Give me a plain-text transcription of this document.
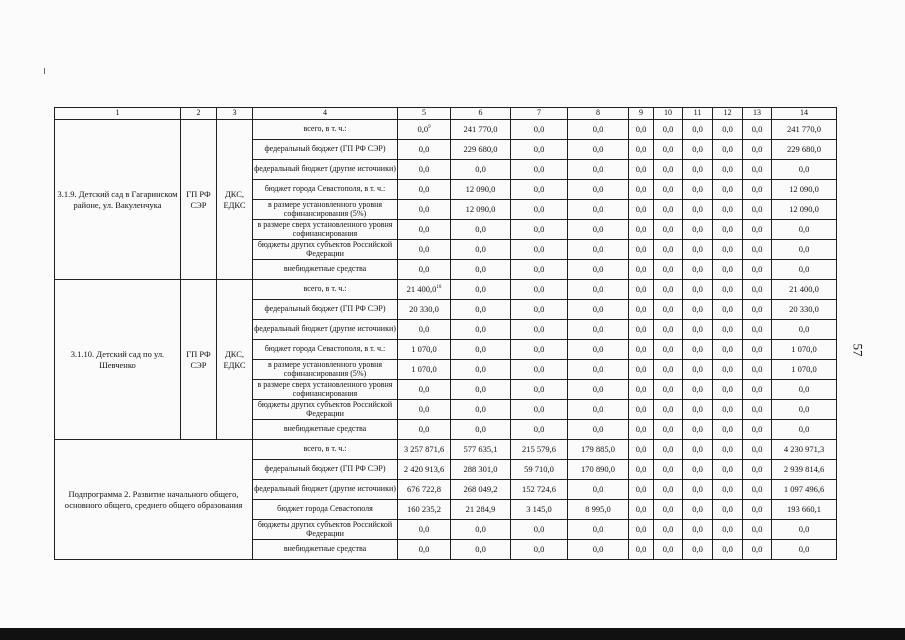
57
1	2	3	4	5	6	7	8	9	10	11	12	13	14
3.1.9. Детский сад в Гагаринском районе, ул. Вакуленчука	ГП РФ СЭР	ДКС, ЕДКС	всего, в т. ч.:	$0,0^9$	241 770,0	0,0	0,0	0,0	0,0	0,0	0,0	0,0	241 770,0
			федеральный бюджет (ГП РФ СЭР)	0,0	229 680,0	0,0	0,0	0,0	0,0	0,0	0,0	0,0	229 680,0
			федеральный бюджет (другие источники)	0,0	0,0	0,0	0,0	0,0	0,0	0,0	0,0	0,0	0,0
			бюджет города Севастополя, в т. ч.:	0,0	12 090,0	0,0	0,0	0,0	0,0	0,0	0,0	0,0	12 090,0
			в размере установленного уровня софинансирования (5%)	0,0	12 090,0	0,0	0,0	0,0	0,0	0,0	0,0	0,0	12 090,0
			в размере сверх установленного уровня софинансирования	0,0	0,0	0,0	0,0	0,0	0,0	0,0	0,0	0,0	0,0
			бюджеты других субъектов Российской Федерации	0,0	0,0	0,0	0,0	0,0	0,0	0,0	0,0	0,0	0,0
			внебюджетные средства	0,0	0,0	0,0	0,0	0,0	0,0	0,0	0,0	0,0	0,0
3.1.10. Детский сад по ул. Шевченко	ГП РФ СЭР	ДКС, ЕДКС	всего, в т. ч.:	21 400,0$^{10}$	0,0	0,0	0,0	0,0	0,0	0,0	0,0	0,0	21 400,0
			федеральный бюджет (ГП РФ СЭР)	20 330,0	0,0	0,0	0,0	0,0	0,0	0,0	0,0	0,0	20 330,0
			федеральный бюджет (другие источники)	0,0	0,0	0,0	0,0	0,0	0,0	0,0	0,0	0,0	0,0
			бюджет города Севастополя, в т. ч.:	1 070,0	0,0	0,0	0,0	0,0	0,0	0,0	0,0	0,0	1 070,0
			в размере установленного уровня софинансирования (5%)	1 070,0	0,0	0,0	0,0	0,0	0,0	0,0	0,0	0,0	1 070,0
			в размере сверх установленного уровня софинансирования	0,0	0,0	0,0	0,0	0,0	0,0	0,0	0,0	0,0	0,0
			бюджеты других субъектов Российской Федерации	0,0	0,0	0,0	0,0	0,0	0,0	0,0	0,0	0,0	0,0
			внебюджетные средства	0,0	0,0	0,0	0,0	0,0	0,0	0,0	0,0	0,0	0,0
Подпрограмма 2. Развитие начального общего, основного общего, среднего общего образования			всего, в т. ч.:	3 257 871,6	577 635,1	215 579,6	179 885,0	0,0	0,0	0,0	0,0	0,0	4 230 971,3
			федеральный бюджет (ГП РФ СЭР)	2 420 913,6	288 301,0	59 710,0	170 890,0	0,0	0,0	0,0	0,0	0,0	2 939 814,6
			федеральный бюджет (другие источники)	676 722,8	268 049,2	152 724,6	0,0	0,0	0,0	0,0	0,0	0,0	1 097 496,6
			бюджет города Севастополя	160 235,2	21 284,9	3 145,0	8 995,0	0,0	0,0	0,0	0,0	0,0	193 660,1
			бюджеты других субъектов Российской Федерации	0,0	0,0	0,0	0,0	0,0	0,0	0,0	0,0	0,0	0,0
			внебюджетные средства	0,0	0,0	0,0	0,0	0,0	0,0	0,0	0,0	0,0	0,0
